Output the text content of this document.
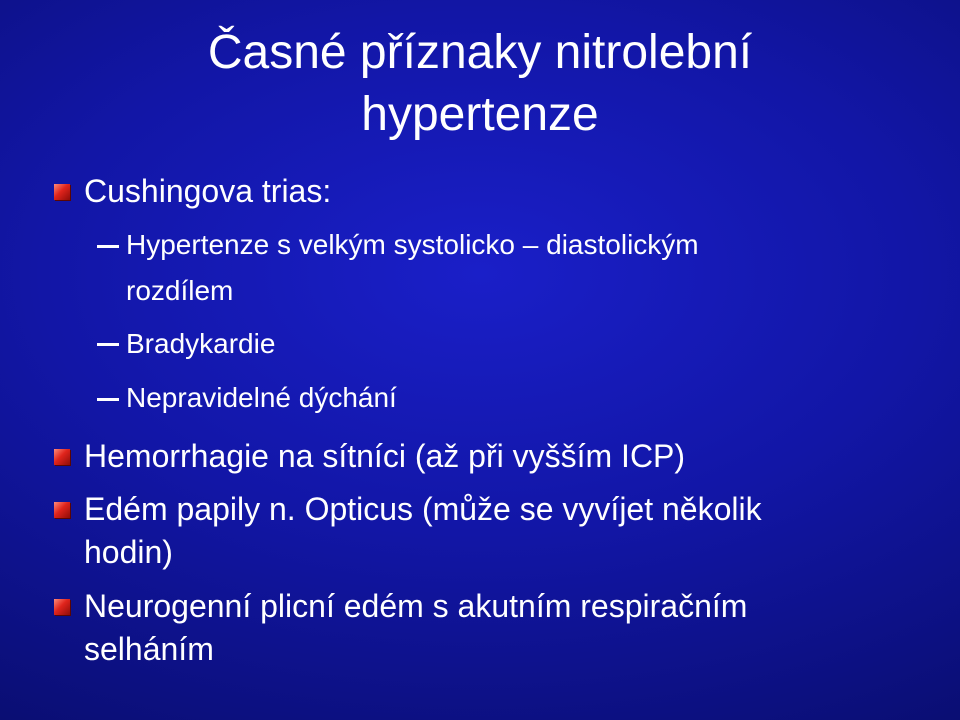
Časné příznaky nitrolební
hypertenze
Cushingova trias:
Hypertenze s velkým systolicko – diastolickým
rozdílem
Bradykardie
Nepravidelné dýchání
Hemorrhagie na sítníci (až při vyšším ICP)
Edém papily n. Opticus (může se vyvíjet několik
hodin)
Neurogenní plicní edém s akutním respiračním
selháním
